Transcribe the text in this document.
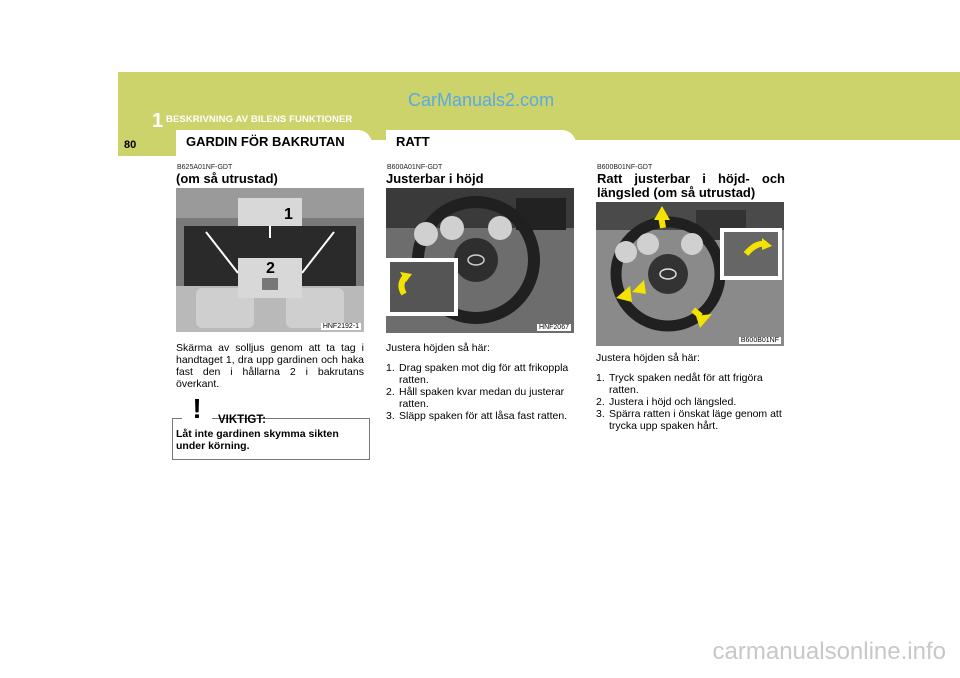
1 BESKRIVNING AV BILENS FUNKTIONER
CarManuals2.com
80	GARDIN FÖR BAKRUTAN	RATT
B625A01NF-GDT
(om så utrustad)
1
2
HNF2192-1
Skärma av solljus genom att ta tag i handtaget 1, dra upp gardinen och haka fast den i hållarna 2 i bakrutans överkant.
! VIKTIGT:
Låt inte gardinen skymma sikten under körning.
B600A01NF-GDT
Justerbar i höjd
HNF2067

Justera höjden så här:

1. Drag spaken mot dig för att frikoppla ratten.
2. Håll spaken kvar medan du justerar ratten.
3. Släpp spaken för att låsa fast ratten.
B600B01NF-GDT
Ratt justerbar i höjd- och längsled (om så utrustad)
B600B01NF

Justera höjden så här:

1. Tryck spaken nedåt för att frigöra ratten.
2. Justera i höjd och längsled.
3. Spärra ratten i önskat läge genom att trycka upp spaken hårt.
carmanualsonline.info
